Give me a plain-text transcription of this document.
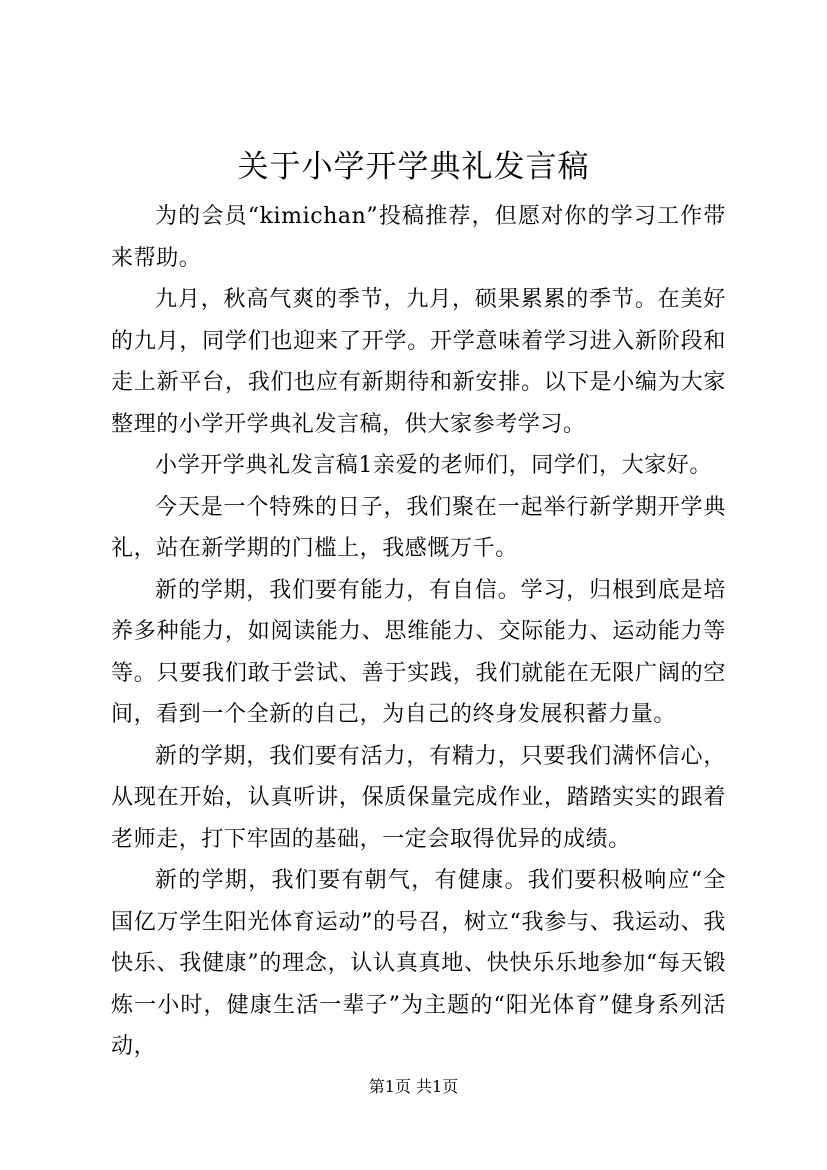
关于小学开学典礼发言稿

为的会员“kimichan”投稿推荐，但愿对你的学习工作带来帮助。

九月，秋高气爽的季节，九月，硕果累累的季节。在美好的九月，同学们也迎来了开学。开学意味着学习进入新阶段和走上新平台，我们也应有新期待和新安排。以下是小编为大家整理的小学开学典礼发言稿，供大家参考学习。

小学开学典礼发言稿1亲爱的老师们，同学们，大家好。

今天是一个特殊的日子，我们聚在一起举行新学期开学典礼，站在新学期的门槛上，我感慨万千。

新的学期，我们要有能力，有自信。学习，归根到底是培养多种能力，如阅读能力、思维能力、交际能力、运动能力等等。只要我们敢于尝试、善于实践，我们就能在无限广阔的空间，看到一个全新的自己，为自己的终身发展积蓄力量。

新的学期，我们要有活力，有精力，只要我们满怀信心，从现在开始，认真听讲，保质保量完成作业，踏踏实实的跟着老师走，打下牢固的基础，一定会取得优异的成绩。

新的学期，我们要有朝气，有健康。我们要积极响应“全国亿万学生阳光体育运动”的号召，树立“我参与、我运动、我快乐、我健康”的理念，认认真真地、快快乐乐地参加“每天锻炼一小时，健康生活一辈子”为主题的“阳光体育”健身系列活动，

第1页 共1页
